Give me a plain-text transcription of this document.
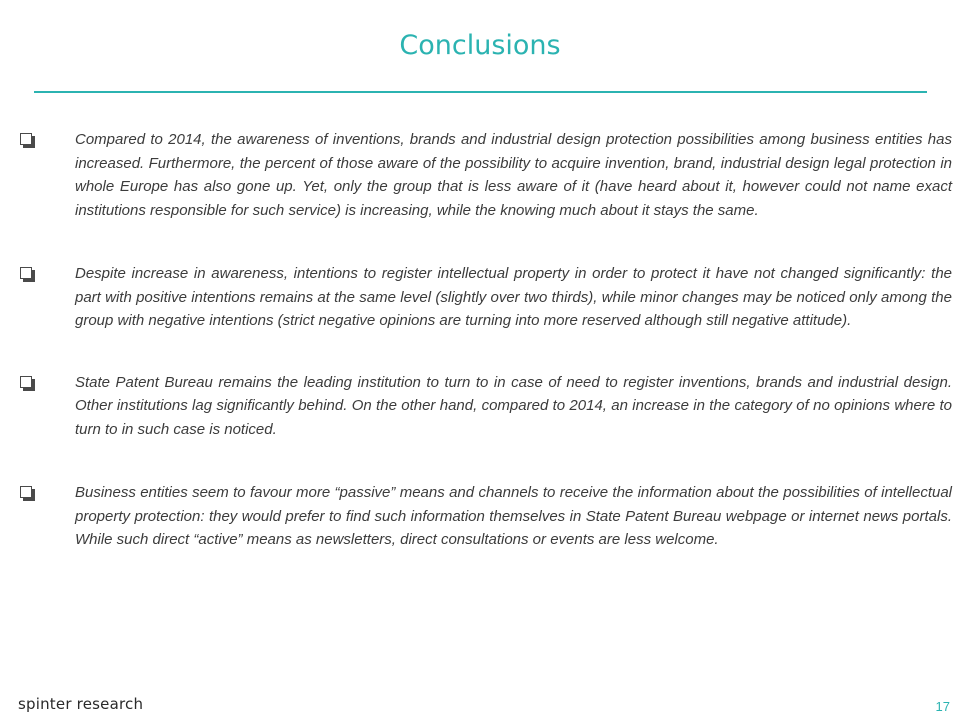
Conclusions
Compared to 2014, the awareness of inventions, brands and industrial design protection possibilities among business entities has increased. Furthermore, the percent of those aware of the possibility to acquire invention, brand, industrial design legal protection in whole Europe has also gone up. Yet, only the group that is less aware of it (have heard about it, however could not name exact institutions responsible for such service) is increasing, while the knowing much about it stays the same.
Despite increase in awareness, intentions to register intellectual property in order to protect it have not changed significantly: the part with positive intentions remains at the same level (slightly over two thirds), while minor changes may be noticed only among the group with negative intentions (strict negative opinions are turning into more reserved although still negative attitude).
State Patent Bureau remains the leading institution to turn to in case of need to register inventions, brands and industrial design. Other institutions lag significantly behind. On the other hand, compared to 2014, an increase in the category of no opinions where to turn to in such case is noticed.
Business entities seem to favour more “passive” means and channels to receive the information about the possibilities of intellectual property protection: they would prefer to find such information themselves in State Patent Bureau webpage or internet news portals. While such direct “active” means as newsletters, direct consultations or events are less welcome.
spinter research	17
